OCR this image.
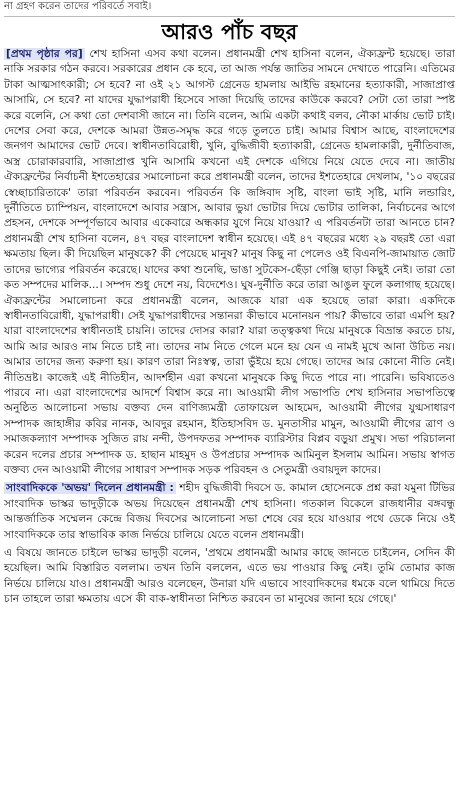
না গ্রহণ করেন তাদের পরিবর্তে সবাই।
আরও পাঁচ বছর

[প্রথম পৃষ্ঠার পর] শেখ হাসিনা এসব কথা বলেন। প্রধানমন্ত্রী শেখ হাসিনা বলেন, ঐক্যফ্রন্ট হয়েছে। তারা নাকি সরকার গঠন করবে। সরকারের প্রধান কে হবে, তা আজ পর্যন্ত জাতির সামনে দেখাতে পারেনি। এতিমের টাকা আত্মসাৎকারী; সে হবে? না ওই ২১ আগস্ট গ্রেনেড হামলায় আইভি রহমানের হত্যাকারী, সাজাপ্রাপ্ত আসামি, সে হবে? না যাদের যুদ্ধাপরাধী হিসেবে সাজা দিয়েছি তাদের কাউকে করবে? সেটা তো তারা স্পষ্ট করে বলেনি, সে কথা তো দেশবাসী জানে না। তিনি বলেন, আমি একটা কথাই বলব, নৌকা মার্কায় ভোট চাই। দেশের সেবা করে, দেশকে আমরা উন্নত-সমৃদ্ধ করে গড়ে তুলতে চাই। আমার বিশ্বাস আছে, বাংলাদেশের জনগণ আমাদের ভোট দেবে। স্বাধীনতাবিরোধী, খুনি, বুদ্ধিজীবী হত্যাকারী, গ্রেনেড হামলাকারী, দুর্নীতিবাজ, অস্ত্র চোরাকারবারি, সাজাপ্রাপ্ত খুনি আসামি কখনো এই দেশকে এগিয়ে নিয়ে যেতে দেবে না। জাতীয় ঐক্যফ্রন্টের নির্বাচনী ইশতেহারের সমালোচনা করে প্রধানমন্ত্রী বলেন, তাদের ইশতেহারে দেখলাম, '১০ বছরের স্বেচ্ছাচারিতাকে' তারা পরিবর্তন করবেন। পরিবর্তন কি জঙ্গিবাদ সৃষ্টি, বাংলা ভাই সৃষ্টি, মানি লন্ডারিং, দুর্নীতিতে চ্যাম্পিয়ন, বাংলাদেশে আবার সন্ত্রাস, আবার ভুয়া ভোটার দিয়ে ভোটার তালিকা, নির্বাচনের আগে প্রহসন, দেশকে সম্পূর্ণভাবে আবার একেবারে অন্ধকার যুগে নিয়ে যাওয়া? এ পরিবর্তনটা তারা আনতে চান? প্রধানমন্ত্রী শেখ হাসিনা বলেন, ৪৭ বছর বাংলাদেশ স্বাধীন হয়েছে। এই ৪৭ বছরের মধ্যে ২৯ বছরই তো এরা ক্ষমতায় ছিল। কী দিয়েছিল মানুষকে? কী পেয়েছে মানুষ? মানুষ কিছু না পেলেও ওই বিএনপি-জামায়াত জোট তাদের ভাগ্যের পরিবর্তন করেছে। যাদের কথা শুনেছি, ভাঙা সুটকেস-ছেঁড়া গেঞ্জি ছাড়া কিছুই নেই। তারা তো কত সম্পদের মালিক...। সম্পদ শুধু দেশে নয়, বিদেশেও। ঘুষ-দুর্নীতি করে তারা আঙুল ফুলে কলাগাছ হয়েছে। ঐক্যফ্রন্টের সমালোচনা করে প্রধানমন্ত্রী বলেন, আজকে যারা এক হয়েছে তারা কারা। একদিকে স্বাধীনতাবিরোধী, যুদ্ধাপরাধী। সেই যুদ্ধাপরাধীদের সন্তানরা কীভাবে মনোনয়ন পায়? কীভাবে তারা এমপি হয়? যারা বাংলাদেশের স্বাধীনতাই চায়নি। তাদের দোসর কারা? যারা তত্ত্বকথা দিয়ে মানুষকে বিভ্রান্ত করতে চায়, আমি আর আরও নাম নিতে চাই না। তাদের নাম নিতে গেলে মনে হয় যেন এ নামই মুখে আনা উচিত নয়। আমার তাদের জন্য করুণা হয়। কারণ তারা নিঃস্বত্ব, তারা ভুঁইয়ে হয়ে গেছে। তাদের আর কোনো নীতি নেই। নীতিভ্রষ্ট। কাজেই এই নীতিহীন, আদর্শহীন এরা কখনো মানুষকে কিছু দিতে পারে না। পারেনি। ভবিষ্যতেও পারবে না। এরা বাংলাদেশের আদর্শে বিশ্বাস করে না। আওয়ামী লীগ সভাপতি শেখ হাসিনার সভাপতিত্বে অনুষ্ঠিত আলোচনা সভায় বক্তব্য দেন বাণিজ্যমন্ত্রী তোফায়েল আহমেদ, আওয়ামী লীগের যুগ্মসাধারণ সম্পাদক জাহাঙ্গীর কবির নানক, আবদুর রহমান, ইতিহাসবিদ ড. মুনতাসীর মামুন, আওয়ামী লীগের ত্রাণ ও সমাজকল্যাণ সম্পাদক সুজিত রায় নন্দী, উপদফতর সম্পাদক ব্যারিস্টার বিপ্লব বড়ুয়া প্রমুখ। সভা পরিচালনা করেন দলের প্রচার সম্পাদক ড. হাছান মাহমুদ ও উপপ্রচার সম্পাদক আমিনুল ইসলাম আমিন। সভায় স্বাগত বক্তব্য দেন আওয়ামী লীগের সাধারণ সম্পাদক সড়ক পরিবহন ও সেতুমন্ত্রী ওবায়দুল কাদের।

সাংবাদিককে 'অভয়' দিলেন প্রধানমন্ত্রী : শহীদ বুদ্ধিজীবী দিবসে ড. কামাল হোসেনকে প্রশ্ন করা যমুনা টিভির সাংবাদিক ভাস্কর ভাদুড়ীকে অভয় দিয়েছেন প্রধানমন্ত্রী শেখ হাসিনা। গতকাল বিকেলে রাজধানীর বঙ্গবন্ধু আন্তর্জাতিক সম্মেলন কেন্দ্রে বিজয় দিবসের আলোচনা সভা শেষে বের হয়ে যাওয়ার পথে ডেকে নিয়ে ওই সাংবাদিককে তার স্বাভাবিক কাজ নির্ভয়ে চালিয়ে যেতে বলেন প্রধানমন্ত্রী।

এ বিষয়ে জানতে চাইলে ভাস্কর ভাদুড়ী বলেন, 'প্রথমে প্রধানমন্ত্রী আমার কাছে জানতে চাইলেন, সেদিন কী হয়েছিল। আমি বিস্তারিত বললাম। তখন তিনি বললেন, এতে ভয় পাওয়ার কিছু নেই। তুমি তোমার কাজ নির্ভয়ে চালিয়ে যাও। প্রধানমন্ত্রী আরও বলেছেন, উনারা যদি এভাবে সাংবাদিকদের ধমকে বলে থামিয়ে দিতে চান তাহলে তারা ক্ষমতায় এসে কী বাক-স্বাধীনতা নিশ্চিত করবেন তা মানুষের জানা হয়ে গেছে।'
